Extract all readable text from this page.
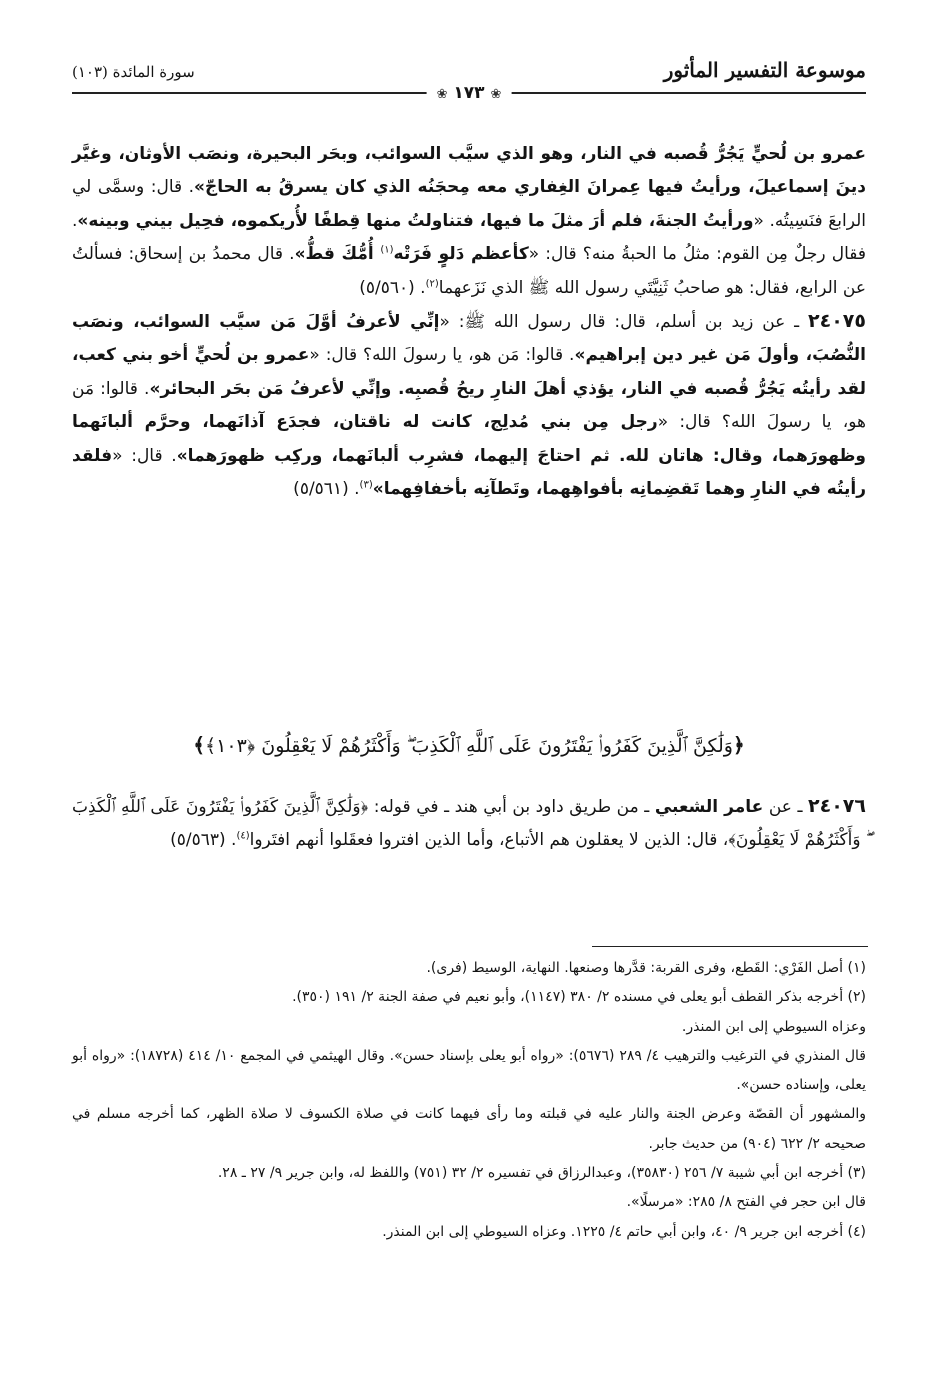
موسوعة التفسير المأثور
سورة المائدة (١٠٣)
❀ ١٧٣ ❀

عمرو بن لُحيٍّ يَجُرُّ قُصبه في النار، وهو الذي سيَّب السوائب، وبحَر البحيرة، ونصَب الأوثان، وغيَّر دينَ إسماعيلَ، ورأيتُ فيها عِمرانَ الغِفاري معه مِحجَنُه الذي كان يسرقُ به الحاجّ». قال: وسمَّى لي الرابعَ فنَسِيتُه. «ورأيتُ الجنةَ، فلم أرَ مثلَ ما فيها، فتناولتُ منها قِطفًا لأُريكموه، فحِيل بيني وبينه». فقال رجلٌ مِن القوم: مثلُ ما الحبةُ منه؟ قال: «كأعظم دَلوٍ فَرَتْه$^{(١)}$ أُمُّكَ قطُّ». قال محمدُ بن إسحاق: فسألتُ عن الرابع، فقال: هو صاحبُ ثَنِيَّتَي رسول الله ﷺ الذي نَزَعهما$^{(٢)}$. (٥/٥٦٠)

٢٤٠٧٥ ـ عن زيد بن أسلم، قال: قال رسول الله ﷺ: «إنِّي لأعرفُ أوَّلَ مَن سيَّب السوائب، ونصَب النُّصُبَ، وأولَ مَن غير دين إبراهيم». قالوا: مَن هو، يا رسولَ الله؟ قال: «عمرو بن لُحيٍّ أخو بني كعب، لقد رأيتُه يَجُرُّ قُصبه في النار، يؤذي أهلَ النارِ ريحُ قُصبِه. وإنِّي لأعرفُ مَن بحَر البحائر». قالوا: مَن هو، يا رسولَ الله؟ قال: «رجل مِن بني مُدلِج، كانت له ناقتان، فجدَع آذانَهما، وحرَّم ألبانَهما وظهورَهما، وقال: هاتان لله. ثم احتاجَ إليهما، فشرِب ألبانَهما، وركِب ظهورَهما». قال: «فلقد رأيتُه في النارِ وهما تَقضِمانِه بأفواهِهما، وتَطآنِه بأخفافِهما»$^{(٣)}$. (٥/٥٦١)

﴿وَلَٰكِنَّ ٱلَّذِينَ كَفَرُوا۟ يَفْتَرُونَ عَلَى ٱللَّهِ ٱلْكَذِبَ ۖ وَأَكْثَرُهُمْ لَا يَعْقِلُونَ ﴿١٠٣﴾﴾

٢٤٠٧٦ ـ عن عامر الشعبي ـ من طريق داود بن أبي هند ـ في قوله: ﴿وَلَٰكِنَّ ٱلَّذِينَ كَفَرُوا۟ يَفْتَرُونَ عَلَى ٱللَّهِ ٱلْكَذِبَ ۖ وَأَكْثَرُهُمْ لَا يَعْقِلُونَ﴾، قال: الذين لا يعقلون هم الأتباع، وأما الذين افتروا فعقَلوا أنهم افتَروا$^{(٤)}$. (٥/٥٦٣)

(١) أصل الفَرْي: القَطع، وفرى القربة: قدَّرها وصنعها. النهاية، الوسيط (فرى).

(٢) أخرجه بذكر القطف أبو يعلى في مسنده ٢/ ٣٨٠ (١١٤٧)، وأبو نعيم في صفة الجنة ٢/ ١٩١ (٣٥٠).

وعزاه السيوطي إلى ابن المنذر.

قال المنذري في الترغيب والترهيب ٤/ ٢٨٩ (٥٦٧٦): «رواه أبو يعلى بإسناد حسن». وقال الهيثمي في المجمع ١٠/ ٤١٤ (١٨٧٢٨): «رواه أبو يعلى، وإسناده حسن».

والمشهور أن القصّة وعرض الجنة والنار عليه في قبلته وما رأى فيهما كانت في صلاة الكسوف لا صلاة الظهر، كما أخرجه مسلم في صحيحه ٢/ ٦٢٢ (٩٠٤) من حديث جابر.

(٣) أخرجه ابن أبي شيبة ٧/ ٢٥٦ (٣٥٨٣٠)، وعبدالرزاق في تفسيره ٢/ ٣٢ (٧٥١) واللفظ له، وابن جرير ٩/ ٢٧ ـ ٢٨.

قال ابن حجر في الفتح ٨/ ٢٨٥: «مرسلًا».

(٤) أخرجه ابن جرير ٩/ ٤٠، وابن أبي حاتم ٤/ ١٢٢٥. وعزاه السيوطي إلى ابن المنذر.
